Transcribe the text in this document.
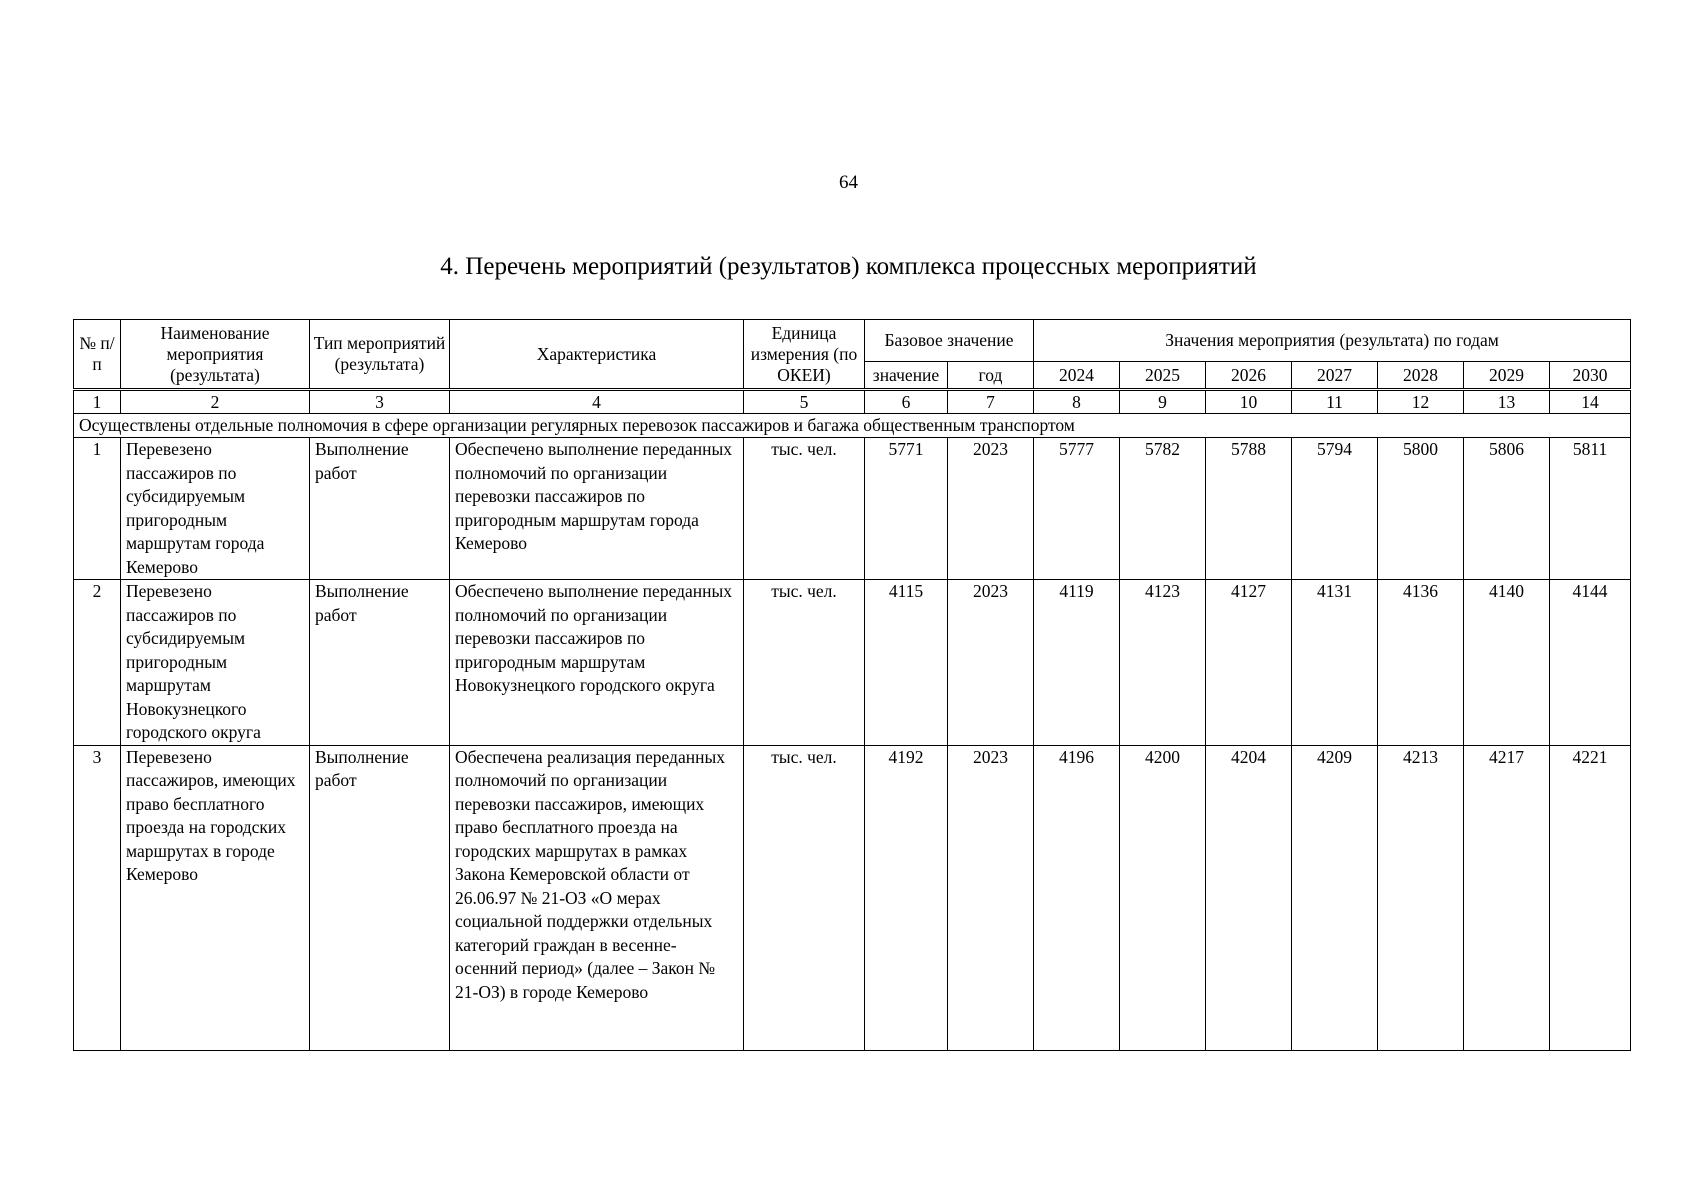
64
4. Перечень мероприятий (результатов) комплекса процессных мероприятий
№ п/п	Наименование мероприятия (результата)	Тип мероприятий (результата)	Характеристика	Единица измерения (по ОКЕИ)	Базовое значение		Значения мероприятия (результата) по годам						
					значение	год	2024	2025	2026	2027	2028	2029	2030
1	2	3	4	5	6	7	8	9	10	11	12	13	14
Осуществлены отдельные полномочия в сфере организации регулярных перевозок пассажиров и багажа общественным транспортом													
1	Перевезено пассажиров по субсидируемым пригородным маршрутам города Кемерово	Выполнение работ	Обеспечено выполнение переданных полномочий по организации перевозки пассажиров по пригородным маршрутам города Кемерово	тыс. чел.	5771	2023	5777	5782	5788	5794	5800	5806	5811
2	Перевезено пассажиров по субсидируемым пригородным маршрутам Новокузнецкого городского округа	Выполнение работ	Обеспечено выполнение переданных полномочий по организации перевозки пассажиров по пригородным маршрутам Новокузнецкого городского округа	тыс. чел.	4115	2023	4119	4123	4127	4131	4136	4140	4144
3	Перевезено пассажиров, имеющих право бесплатного проезда на городских маршрутах в городе Кемерово	Выполнение работ	Обеспечена реализация переданных полномочий по организации перевозки пассажиров, имеющих право бесплатного проезда на городских маршрутах в рамках Закона Кемеровской области от 26.06.97 № 21-ОЗ «О мерах социальной поддержки отдельных категорий граждан в весенне-осенний период» (далее – Закон № 21-ОЗ) в городе Кемерово	тыс. чел.	4192	2023	4196	4200	4204	4209	4213	4217	4221
